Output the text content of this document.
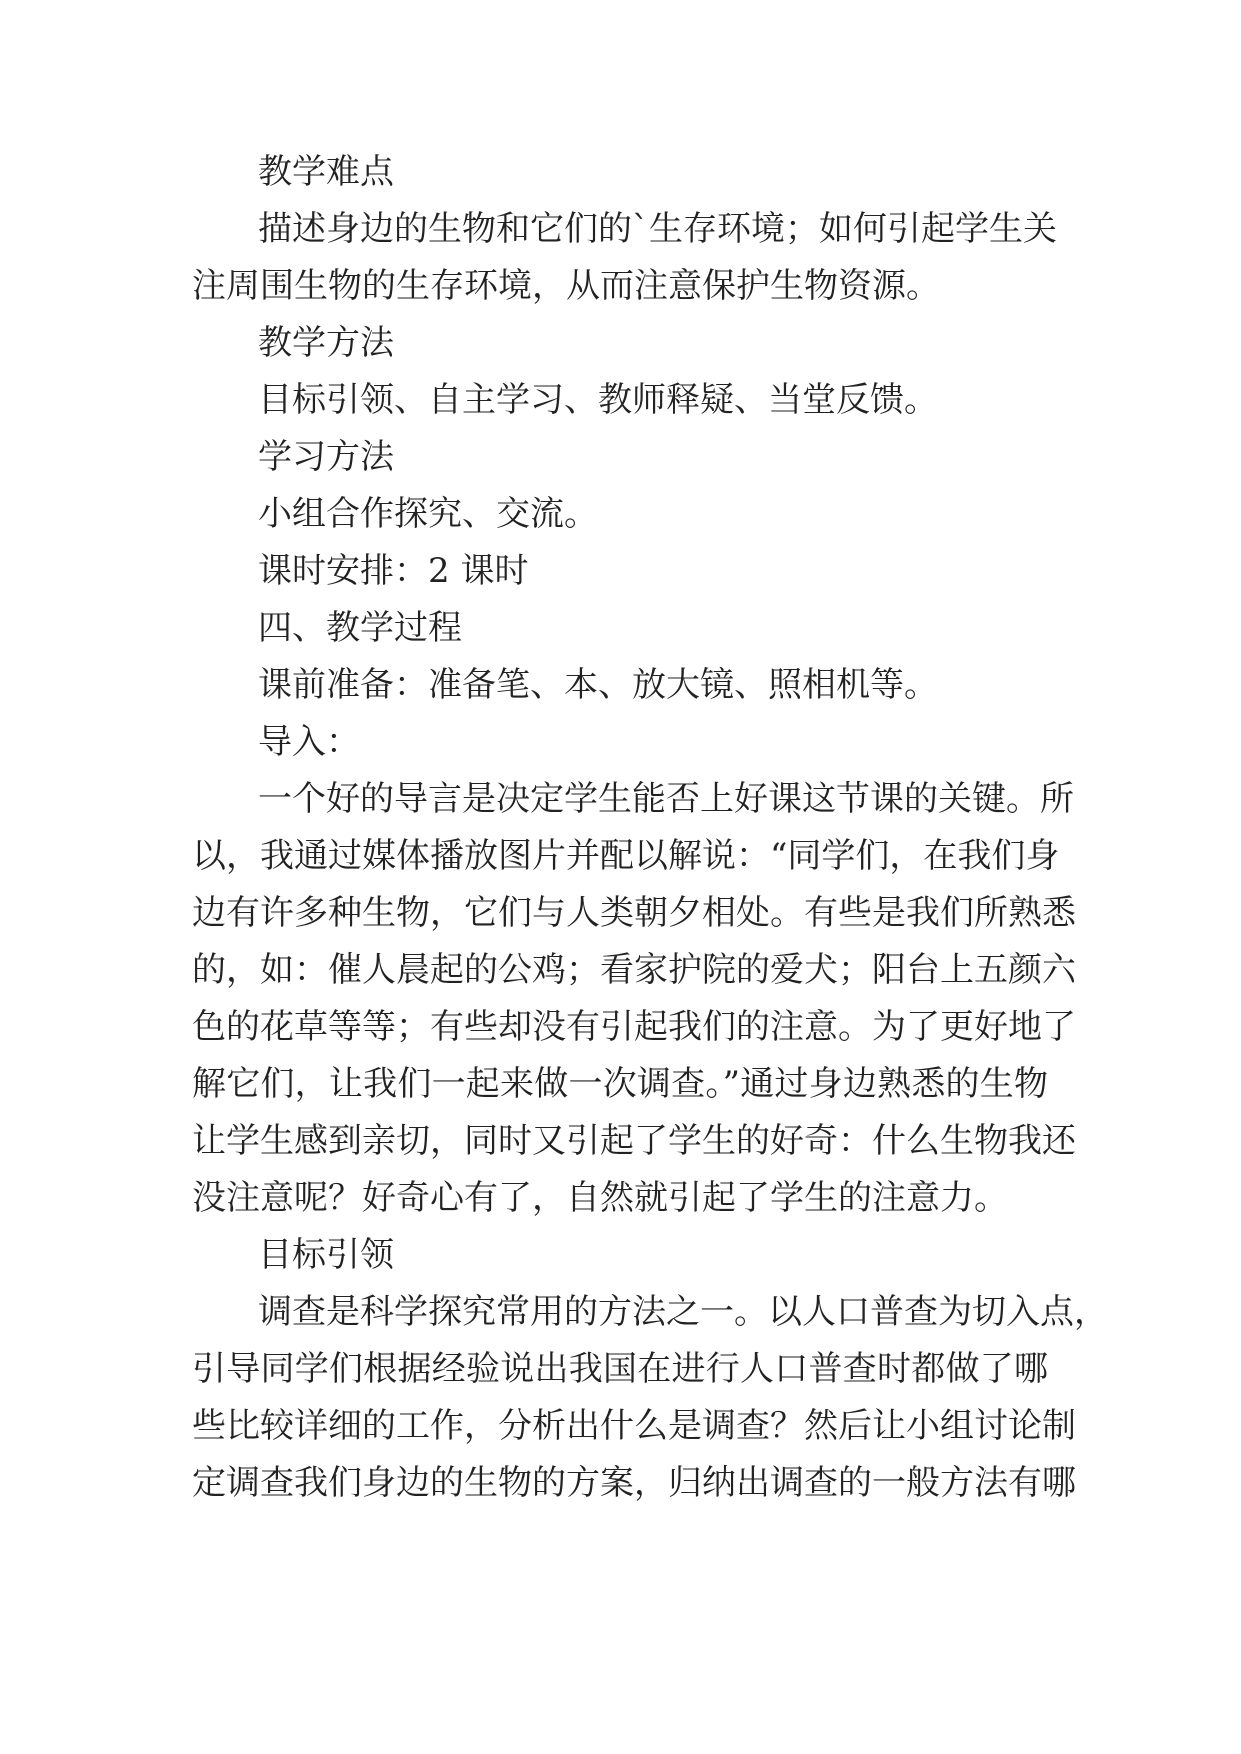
教学难点
描述身边的生物和它们的`生存环境；如何引起学生关
注周围生物的生存环境，从而注意保护生物资源。
教学方法
目标引领、自主学习、教师释疑、当堂反馈。
学习方法
小组合作探究、交流。
课时安排：2 课时
四、教学过程
课前准备：准备笔、本、放大镜、照相机等。
导入：
一个好的导言是决定学生能否上好课这节课的关键。所
以，我通过媒体播放图片并配以解说：“同学们，在我们身
边有许多种生物，它们与人类朝夕相处。有些是我们所熟悉
的，如：催人晨起的公鸡；看家护院的爱犬；阳台上五颜六
色的花草等等；有些却没有引起我们的注意。为了更好地了
解它们，让我们一起来做一次调查。”通过身边熟悉的生物
让学生感到亲切，同时又引起了学生的好奇：什么生物我还
没注意呢？好奇心有了，自然就引起了学生的注意力。
目标引领
调查是科学探究常用的方法之一。以人口普查为切入点，
引导同学们根据经验说出我国在进行人口普查时都做了哪
些比较详细的工作，分析出什么是调查？然后让小组讨论制
定调查我们身边的生物的方案，归纳出调查的一般方法有哪
